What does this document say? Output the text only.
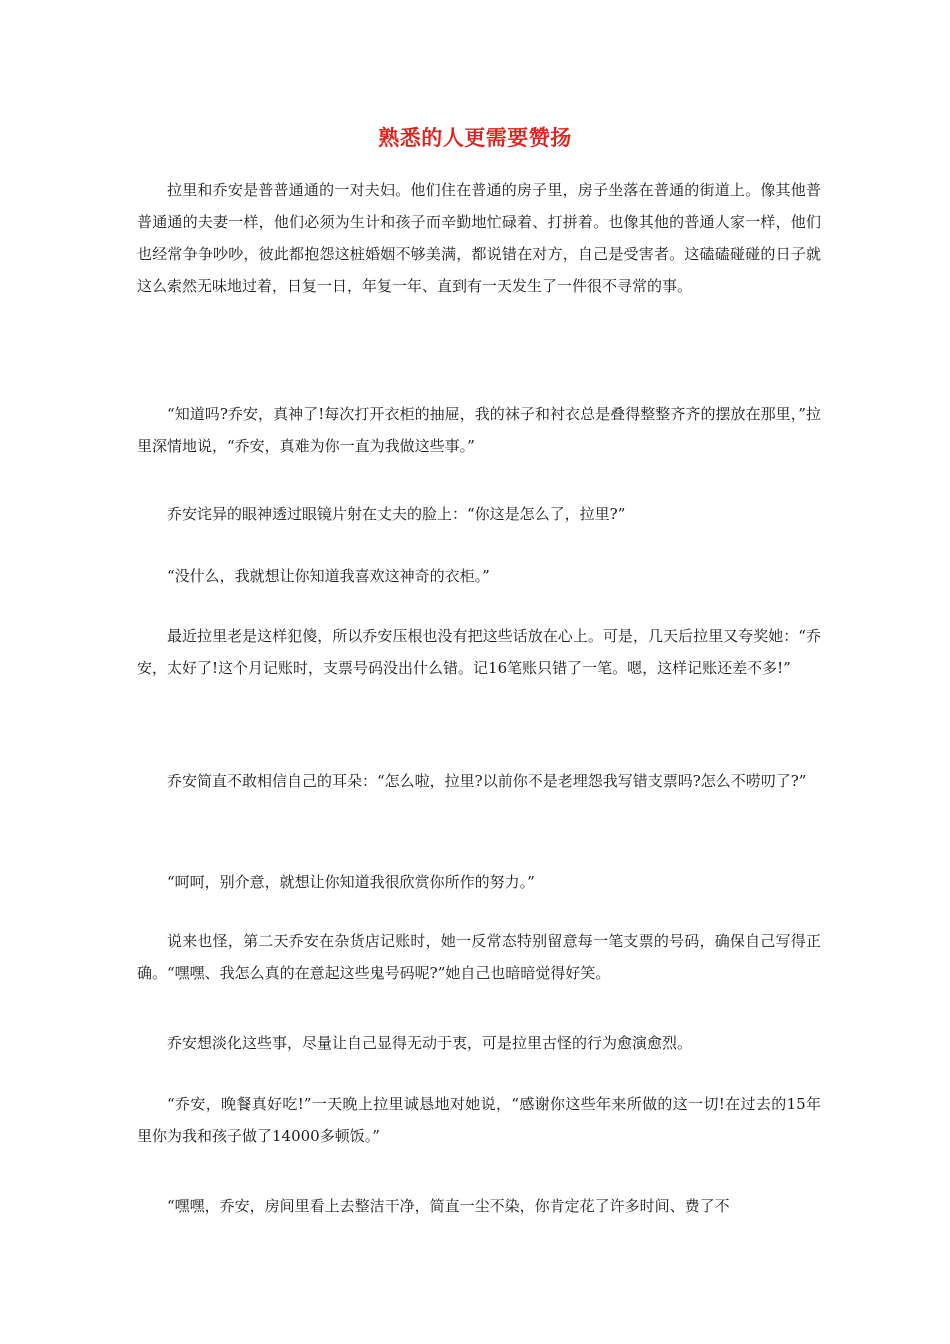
熟悉的人更需要赞扬

拉里和乔安是普普通通的一对夫妇。他们住在普通的房子里，房子坐落在普通的街道上。像其他普普通通的夫妻一样，他们必须为生计和孩子而辛勤地忙碌着、打拼着。也像其他的普通人家一样，他们也经常争争吵吵，彼此都抱怨这桩婚姻不够美满，都说错在对方，自己是受害者。这磕磕碰碰的日子就这么索然无味地过着，日复一日，年复一年、直到有一天发生了一件很不寻常的事。

“知道吗?乔安，真神了!每次打开衣柜的抽屉，我的袜子和衬衣总是叠得整整齐齐的摆放在那里，”拉里深情地说，“乔安，真难为你一直为我做这些事。”

乔安诧异的眼神透过眼镜片射在丈夫的脸上：“你这是怎么了，拉里?”

“没什么，我就想让你知道我喜欢这神奇的衣柜。”

最近拉里老是这样犯傻，所以乔安压根也没有把这些话放在心上。可是，几天后拉里又夸奖她：“乔安，太好了!这个月记账时，支票号码没出什么错。记16笔账只错了一笔。嗯，这样记账还差不多!”

乔安简直不敢相信自己的耳朵：“怎么啦，拉里?以前你不是老埋怨我写错支票吗?怎么不唠叨了?”

“呵呵，别介意，就想让你知道我很欣赏你所作的努力。”

说来也怪，第二天乔安在杂货店记账时，她一反常态特别留意每一笔支票的号码，确保自己写得正确。“嘿嘿、我怎么真的在意起这些鬼号码呢?”她自己也暗暗觉得好笑。

乔安想淡化这些事，尽量让自己显得无动于衷，可是拉里古怪的行为愈演愈烈。

“乔安，晚餐真好吃!”一天晚上拉里诚恳地对她说，“感谢你这些年来所做的这一切!在过去的15年里你为我和孩子做了14000多顿饭。”

“嘿嘿，乔安，房间里看上去整洁干净，简直一尘不染，你肯定花了许多时间、费了不
